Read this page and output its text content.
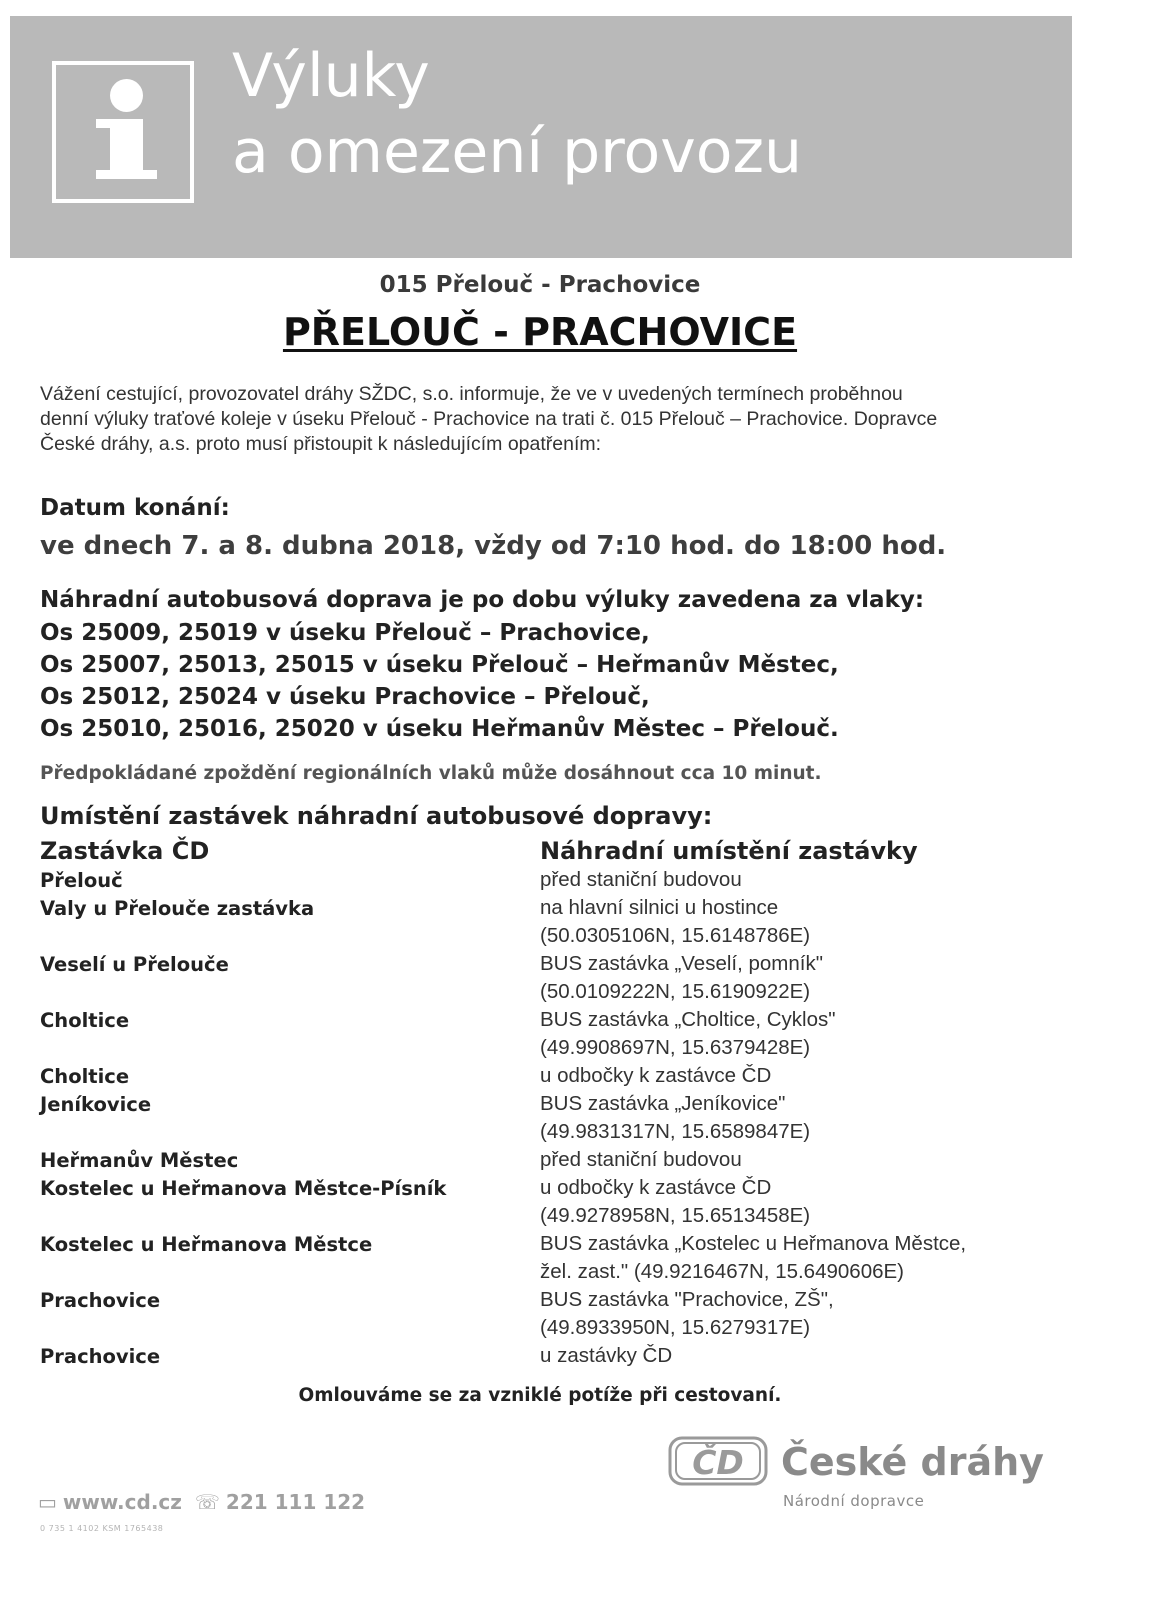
Výluky
a omezení provozu
015 Přelouč - Prachovice
PŘELOUČ - PRACHOVICE
Vážení cestující, provozovatel dráhy SŽDC, s.o. informuje, že ve v uvedených termínech proběhnou
denní výluky traťové koleje v úseku Přelouč - Prachovice na trati č. 015 Přelouč – Prachovice. Dopravce
České dráhy, a.s. proto musí přistoupit k následujícím opatřením:
Datum konání:
ve dnech 7. a 8. dubna 2018, vždy od 7:10 hod. do 18:00 hod.
Náhradní autobusová doprava je po dobu výluky zavedena za vlaky:
Os 25009, 25019 v úseku Přelouč – Prachovice,
Os 25007, 25013, 25015 v úseku Přelouč – Heřmanův Městec,
Os 25012, 25024 v úseku Prachovice – Přelouč,
Os 25010, 25016, 25020 v úseku Heřmanův Městec – Přelouč.
Předpokládané zpoždění regionálních vlaků může dosáhnout cca 10 minut.
Umístění zastávek náhradní autobusové dopravy:
Zastávka ČD	Náhradní umístění zastávky
Přelouč	před staniční budovou
Valy u Přelouče zastávka	na hlavní silnici u hostince
(50.0305106N, 15.6148786E)
Veselí u Přelouče	BUS zastávka „Veselí, pomník"
(50.0109222N, 15.6190922E)
Choltice	BUS zastávka „Choltice, Cyklos"
(49.9908697N, 15.6379428E)
Choltice	u odbočky k zastávce ČD
Jeníkovice	BUS zastávka „Jeníkovice"
(49.9831317N, 15.6589847E)
Heřmanův Městec	před staniční budovou
Kostelec u Heřmanova Městce-Písník	u odbočky k zastávce ČD
(49.9278958N, 15.6513458E)
Kostelec u Heřmanova Městce	BUS zastávka „Kostelec u Heřmanova Městce,
žel. zast." (49.9216467N, 15.6490606E)
Prachovice	BUS zastávka "Prachovice, ZŠ",
(49.8933950N, 15.6279317E)
Prachovice	u zastávky ČD
Omlouváme se za vzniklé potíže při cestovaní.
ČD České dráhy
Národní dopravce
▭ www.cd.cz ☏ 221 111 122
0 735 1 4102 KSM 1765438
